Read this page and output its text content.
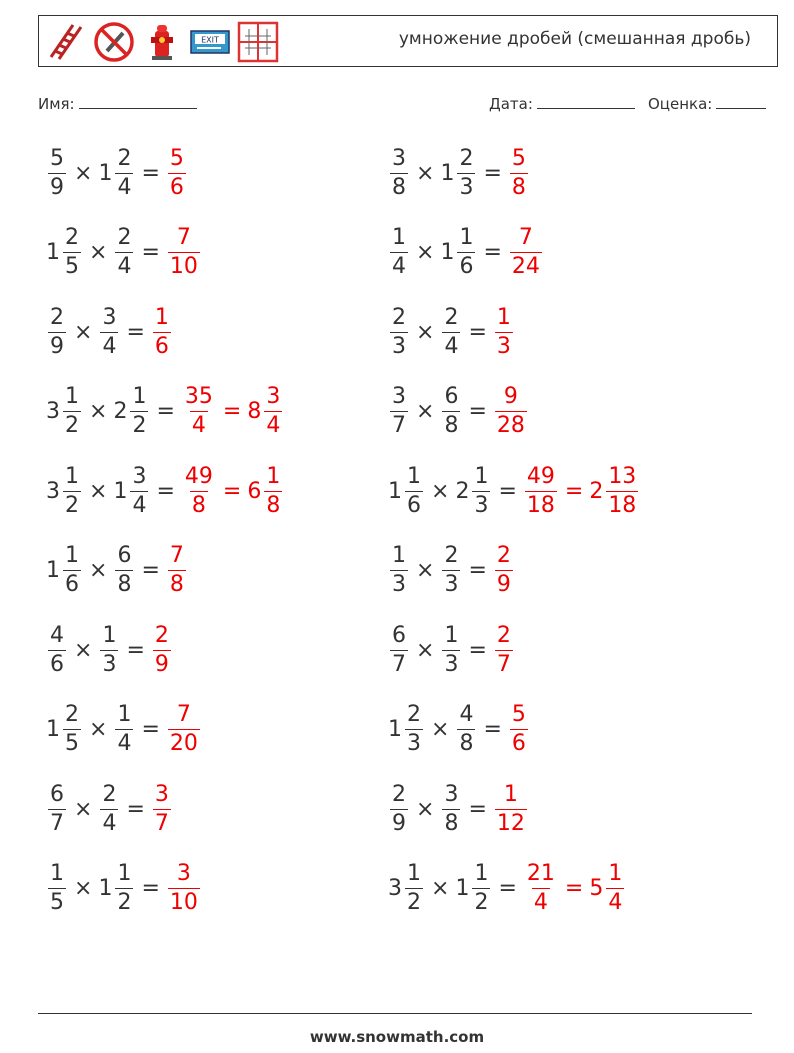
EXIT	умножение дробей (смешанная дробь)
Имя:	Дата:	Оценка:
$\frac{5}{9} \times 1 \frac{2}{4} = \frac{5}{6}$	$\frac{3}{8} \times 1 \frac{2}{3} = \frac{5}{8}$
$1 \frac{2}{5} \times \frac{2}{4} = \frac{7}{10}$	$\frac{1}{4} \times 1 \frac{1}{6} = \frac{7}{24}$
$\frac{2}{9} \times \frac{3}{4} = \frac{1}{6}$	$\frac{2}{3} \times \frac{2}{4} = \frac{1}{3}$
$3 \frac{1}{2} \times 2 \frac{1}{2} = \frac{35}{4} = 8 \frac{3}{4}$	$\frac{3}{7} \times \frac{6}{8} = \frac{9}{28}$
$3 \frac{1}{2} \times 1 \frac{3}{4} = \frac{49}{8} = 6 \frac{1}{8}$	$1 \frac{1}{6} \times 2 \frac{1}{3} = \frac{49}{18} = 2 \frac{13}{18}$
$1 \frac{1}{6} \times \frac{6}{8} = \frac{7}{8}$	$\frac{1}{3} \times \frac{2}{3} = \frac{2}{9}$
$\frac{4}{6} \times \frac{1}{3} = \frac{2}{9}$	$\frac{6}{7} \times \frac{1}{3} = \frac{2}{7}$
$1 \frac{2}{5} \times \frac{1}{4} = \frac{7}{20}$	$1 \frac{2}{3} \times \frac{4}{8} = \frac{5}{6}$
$\frac{6}{7} \times \frac{2}{4} = \frac{3}{7}$	$\frac{2}{9} \times \frac{3}{8} = \frac{1}{12}$
$\frac{1}{5} \times 1 \frac{1}{2} = \frac{3}{10}$	$3 \frac{1}{2} \times 1 \frac{1}{2} = \frac{21}{4} = 5 \frac{1}{4}$
www.snowmath.com
